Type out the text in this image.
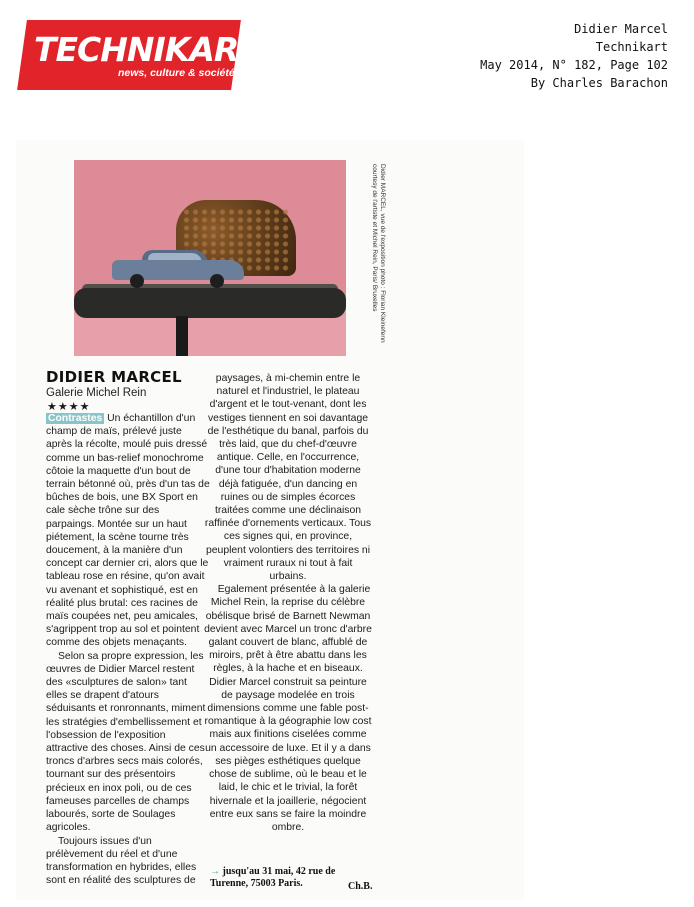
TECHNIKART
news, culture & société
Didier Marcel
Technikart
May 2014, N° 182, Page 102
By Charles Barachon
Didier MARCEL, vue de l'exposition photo : Florian Kleinefenn courtesy de l'artiste et Michel Rein, Paris/ Bruxelles
DIDIER MARCEL
Galerie Michel Rein
★★★★

Contrastes Un échantillon d'un champ de maïs, prélevé juste après la récolte, moulé puis dressé comme un bas-relief monochrome côtoie la maquette d'un bout de terrain bétonné où, près d'un tas de bûches de bois, une BX Sport en cale sèche trône sur des parpaings. Montée sur un haut piétement, la scène tourne très doucement, à la manière d'un concept car dernier cri, alors que le tableau rose en résine, qu'on avait vu avenant et sophistiqué, est en réalité plus brutal: ces racines de maïs coupées net, peu amicales, s'agrippent trop au sol et pointent comme des objets menaçants.

Selon sa propre expression, les œuvres de Didier Marcel restent des «sculptures de salon» tant elles se drapent d'atours séduisants et ronronnants, miment les stratégies d'embellissement et l'obsession de l'exposition attractive des choses. Ainsi de ces troncs d'arbres secs mais colorés, tournant sur des présentoirs précieux en inox poli, ou de ces fameuses parcelles de champs labourés, sorte de Soulages agricoles.

Toujours issues d'un prélèvement du réel et d'une transformation en hybrides, elles sont en réalité des sculptures de

paysages, à mi-chemin entre le naturel et l'industriel, le plateau d'argent et le tout-venant, dont les vestiges tiennent en soi davantage de l'esthétique du banal, parfois du très laid, que du chef-d'œuvre antique. Celle, en l'occurrence, d'une tour d'habitation moderne déjà fatiguée, d'un dancing en ruines ou de simples écorces traitées comme une déclinaison raffinée d'ornements verticaux. Tous ces signes qui, en province, peuplent volontiers des territoires ni vraiment ruraux ni tout à fait urbains.

Egalement présentée à la galerie Michel Rein, la reprise du célèbre obélisque brisé de Barnett Newman devient avec Marcel un tronc d'arbre galant couvert de blanc, affublé de miroirs, prêt à être abattu dans les règles, à la hache et en biseaux. Didier Marcel construit sa peinture de paysage modelée en trois dimensions comme une fable post-romantique à la géographie low cost mais aux finitions ciselées comme un accessoire de luxe. Et il y a dans ses pièges esthétiques quelque chose de sublime, où le beau et le laid, le chic et le trivial, la forêt hivernale et la joaillerie, négocient entre eux sans se faire la moindre ombre.

→ jusqu'au 31 mai, 42 rue de Turenne, 75003 Paris.	Ch.B.
